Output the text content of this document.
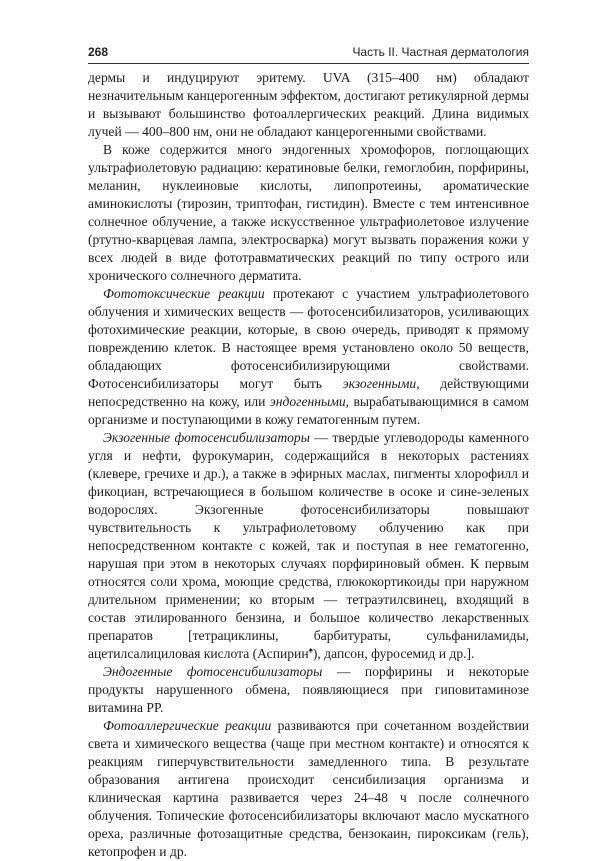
268	Часть II. Частная дерматология

дермы и индуцируют эритему. UVA (315–400 нм) обладают незначительным канцерогенным эффектом, достигают ретикулярной дермы и вызывают большинство фотоаллергических реакций. Длина видимых лучей — 400–800 нм, они не обладают канцерогенными свойствами.

В коже содержится много эндогенных хромофоров, поглощающих ультрафиолетовую радиацию: кератиновые белки, гемоглобин, порфирины, меланин, нуклеиновые кислоты, липопротеины, ароматические аминокислоты (тирозин, триптофан, гистидин). Вместе с тем интенсивное солнечное облучение, а также искусственное ультрафиолетовое излучение (ртутно-кварцевая лампа, электросварка) могут вызвать поражения кожи у всех людей в виде фототравматических реакций по типу острого или хронического солнечного дерматита.

Фототоксические реакции протекают с участием ультрафиолетового облучения и химических веществ — фотосенсибилизаторов, усиливающих фотохимические реакции, которые, в свою очередь, приводят к прямому повреждению клеток. В настоящее время установлено около 50 веществ, обладающих фотосенсибилизирующими свойствами. Фотосенсибилизаторы могут быть экзогенными, действующими непосредственно на кожу, или эндогенными, вырабатывающимися в самом организме и поступающими в кожу гематогенным путем.

Экзогенные фотосенсибилизаторы — твердые углеводороды каменного угля и нефти, фурокумарин, содержащийся в некоторых растениях (клевере, гречихе и др.), а также в эфирных маслах, пигменты хлорофилл и фикоциан, встречающиеся в большом количестве в осоке и сине-зеленых водорослях. Экзогенные фотосенсибилизаторы повышают чувствительность к ультрафиолетовому облучению как при непосредственном контакте с кожей, так и поступая в нее гематогенно, нарушая при этом в некоторых случаях порфириновый обмен. К первым относятся соли хрома, моющие средства, глюкокортикоиды при наружном длительном применении; ко вторым — тетраэтилсвинец, входящий в состав этилированного бензина, и большое количество лекарственных препаратов [тетрациклины, барбитураты, сульфаниламиды, ацетилсалициловая кислота (Аспирин♠), дапсон, фуросемид и др.].

Эндогенные фотосенсибилизаторы — порфирины и некоторые продукты нарушенного обмена, появляющиеся при гиповитаминозе витамина PP.

Фотоаллергические реакции развиваются при сочетанном воздействии света и химического вещества (чаще при местном контакте) и относятся к реакциям гиперчувствительности замедленного типа. В результате образования антигена происходит сенсибилизация организма и клиническая картина развивается через 24–48 ч после солнечного облучения. Топические фотосенсибилизаторы включают масло мускатного ореха, различные фотозащитные средства, бензокаин, пироксикам (гель), кетопрофен и др.
